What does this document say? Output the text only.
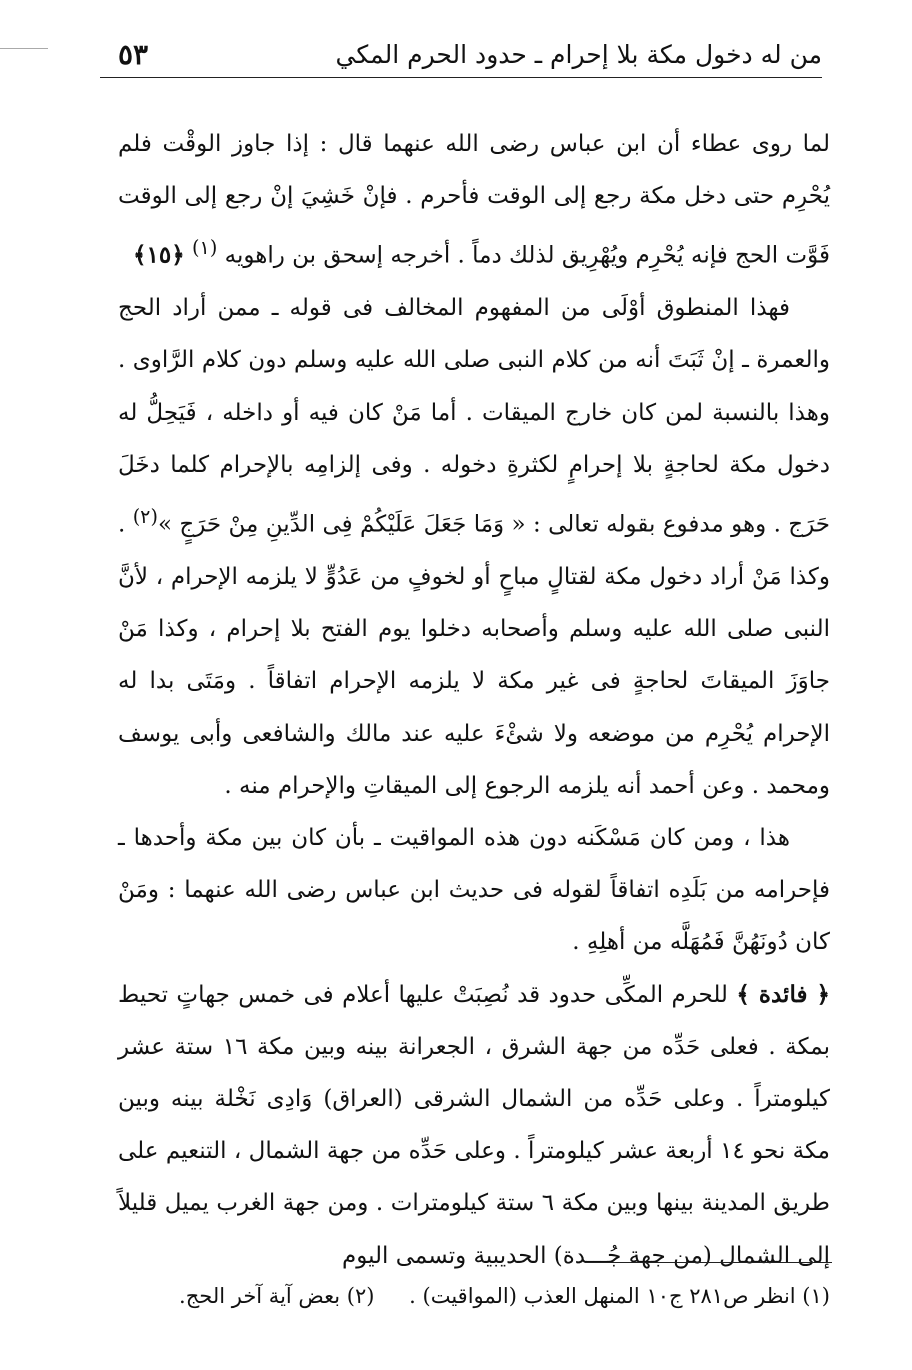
من له دخول مكة بلا إحرام ـ حدود الحرم المكي
٥٣

لما روى عطاء أن ابن عباس رضى الله عنهما قال : إذا جاوز الوقْت فلم يُحْرِم حتى دخل مكة رجع إلى الوقت فأحرم . فإنْ خَشِيَ إنْ رجع إلى الوقت فَوَّت الحج فإنه يُحْرِم ويُهْرِيق لذلك دماً . أخرجه إسحق بن راهويه $^{(١)}$ ﴿١٥﴾

فهذا المنطوق أوْلَى من المفهوم المخالف فى قوله ـ ممن أراد الحج والعمرة ـ إنْ ثَبَتَ أنه من كلام النبى صلى الله عليه وسلم دون كلام الرَّاوى . وهذا بالنسبة لمن كان خارج الميقات . أما مَنْ كان فيه أو داخله ، فَيَحِلُّ له دخول مكة لحاجةٍ بلا إحرامٍ لكثرةِ دخوله . وفى إلزامِه بالإحرام كلما دخَلَ حَرَج . وهو مدفوع بقوله تعالى : « وَمَا جَعَلَ عَلَيْكُمْ فِى الدِّينِ مِنْ حَرَجٍ »$^{(٢)}$ . وكذا مَنْ أراد دخول مكة لقتالٍ مباحٍ أو لخوفٍ من عَدُوٍّ لا يلزمه الإحرام ، لأنَّ النبى صلى الله عليه وسلم وأصحابه دخلوا يوم الفتح بلا إحرام ، وكذا مَنْ جاوَزَ الميقاتَ لحاجةٍ فى غير مكة لا يلزمه الإحرام اتفاقاً . ومَتَى بدا له الإحرام يُحْرِم من موضعه ولا شئْءَ عليه عند مالك والشافعى وأبى يوسف ومحمد . وعن أحمد أنه يلزمه الرجوع إلى الميقاتِ والإحرام منه .

هذا ، ومن كان مَسْكَنه دون هذه المواقيت ـ بأن كان بين مكة وأحدها ـ فإحرامه من بَلَدِه اتفاقاً لقوله فى حديث ابن عباس رضى الله عنهما : ومَنْ كان دُونَهُنَّ فَمُهَلَّه من أهلِهِ .

﴿ فائدة ﴾ للحرم المكِّى حدود قد نُصِبَتْ عليها أعلام فى خمس جهاتٍ تحيط بمكة . فعلى حَدِّه من جهة الشرق ، الجعرانة بينه وبين مكة ١٦ ستة عشر كيلومتراً . وعلى حَدِّه من الشمال الشرقى (العراق) وَادِى نَخْلة بينه وبين مكة نحو ١٤ أربعة عشر كيلومتراً . وعلى حَدِّه من جهة الشمال ، التنعيم على طريق المدينة بينها وبين مكة ٦ ستة كيلومترات . ومن جهة الغرب يميل قليلاً إلى الشمال (من جهة جُـــدة) الحديبية وتسمى اليوم

(١) انظر ص٢٨١ ج١٠ المنهل العذب (المواقيت) . (٢) بعض آية آخر الحج.
